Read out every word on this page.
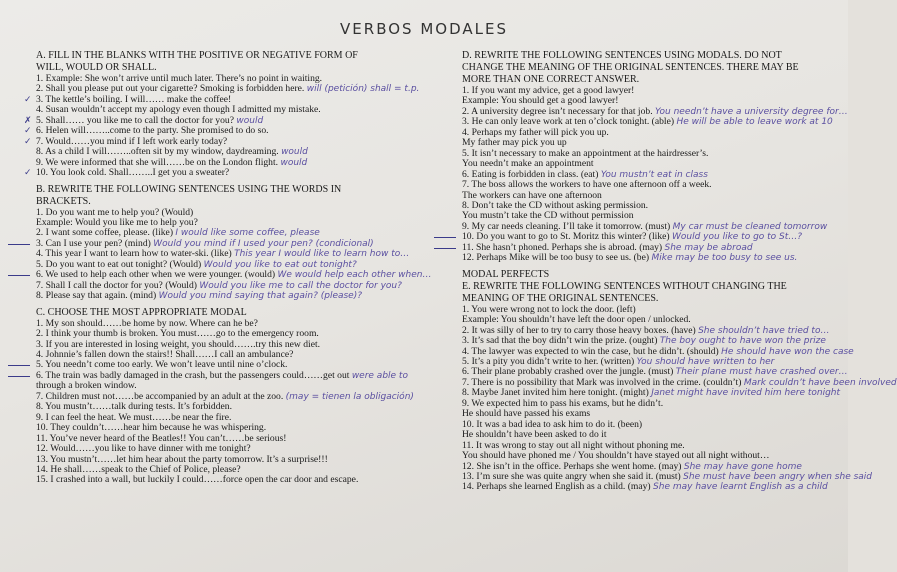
VERBOS MODALES
A. FILL IN THE BLANKS WITH THE POSITIVE OR NEGATIVE FORM OF
WILL, WOULD OR SHALL.
1. Example: She won’t arrive until much later. There’s no point in waiting.
2. Shall you please put out your cigarette? Smoking is forbidden here. will (petición) shall = t.p.
3. The kettle’s boiling. I will…… make the coffee!
✓
4. Susan wouldn’t accept my apology even though I admitted my mistake.
5. Shall…… you like me to call the doctor for you? would
✗
6. Helen will……..come to the party. She promised to do so.
✓
7. Would……you mind if I left work early today?
✓
8. As a child I will……..often sit by my window, daydreaming. would
9. We were informed that she will……be on the London flight. would
10. You look cold. Shall……..I get you a sweater?
✓
B. REWRITE THE FOLLOWING SENTENCES USING THE WORDS IN
BRACKETS.
1. Do you want me to help you? (Would)
Example: Would you like me to help you?
2. I want some coffee, please. (like) I would like some coffee, please
3. Can I use your pen? (mind) Would you mind if I used your pen? (condicional)
4. This year I want to learn how to water-ski. (like) This year I would like to learn how to…
5. Do you want to eat out tonight? (Would) Would you like to eat out tonight?
6. We used to help each other when we were younger. (would) We would help each other when…
7. Shall I call the doctor for you? (Would) Would you like me to call the doctor for you?
8. Please say that again. (mind) Would you mind saying that again? (please)?
C. CHOOSE THE MOST APPROPRIATE MODAL
1. My son should……be home by now. Where can he be?
2. I think your thumb is broken. You must……go to the emergency room.
3. If you are interested in losing weight, you should…….try this new diet.
4. Johnnie’s fallen down the stairs!! Shall……I call an ambulance?
5. You needn’t come too early. We won’t leave until nine o’clock.
6. The train was badly damaged in the crash, but the passengers could……get out were able to
through a broken window.
7. Children must not……be accompanied by an adult at the zoo. (may = tienen la obligación)
8. You mustn’t……talk during tests. It’s forbidden.
9. I can feel the heat. We must……be near the fire.
10. They couldn’t……hear him because he was whispering.
11. You’ve never heard of the Beatles!! You can’t……be serious!
12. Would……you like to have dinner with me tonight?
13. You mustn’t……let him hear about the party tomorrow. It’s a surprise!!!
14. He shall……speak to the Chief of Police, please?
15. I crashed into a wall, but luckily I could……force open the car door and escape.
D. REWRITE THE FOLLOWING SENTENCES USING MODALS. DO NOT
CHANGE THE MEANING OF THE ORIGINAL SENTENCES. THERE MAY BE
MORE THAN ONE CORRECT ANSWER.
1. If you want my advice, get a good lawyer!
Example: You should get a good lawyer!
2. A university degree isn’t necessary for that job. You needn’t have a university degree for…
3. He can only leave work at ten o’clock tonight. (able) He will be able to leave work at 10
4. Perhaps my father will pick you up.
My father may pick you up
5. It isn’t necessary to make an appointment at the hairdresser’s.
You needn’t make an appointment
6. Eating is forbidden in class. (eat) You mustn’t eat in class
7. The boss allows the workers to have one afternoon off a week.
The workers can have one afternoon
8. Don’t take the CD without asking permission.
You mustn’t take the CD without permission
9. My car needs cleaning. I’ll take it tomorrow. (must) My car must be cleaned tomorrow
10. Do you want to go to St. Moritz this winter? (like) Would you like to go to St…?
11. She hasn’t phoned. Perhaps she is abroad. (may) She may be abroad
12. Perhaps Mike will be too busy to see us. (be) Mike may be too busy to see us.
MODAL PERFECTS
E. REWRITE THE FOLLOWING SENTENCES WITHOUT CHANGING THE
MEANING OF THE ORIGINAL SENTENCES.
1. You were wrong not to lock the door. (left)
Example: You shouldn’t have left the door open / unlocked.
2. It was silly of her to try to carry those heavy boxes. (have) She shouldn’t have tried to…
3. It’s sad that the boy didn’t win the prize. (ought) The boy ought to have won the prize
4. The lawyer was expected to win the case, but he didn’t. (should) He should have won the case
5. It’s a pity you didn’t write to her. (written) You should have written to her
6. Their plane probably crashed over the jungle. (must) Their plane must have crashed over…
7. There is no possibility that Mark was involved in the crime. (couldn’t) Mark couldn’t have been involved
8. Maybe Janet invited him here tonight. (might) Janet might have invited him here tonight
9. We expected him to pass his exams, but he didn’t.
He should have passed his exams
10. It was a bad idea to ask him to do it. (been)
He shouldn’t have been asked to do it
11. It was wrong to stay out all night without phoning me.
You should have phoned me / You shouldn’t have stayed out all night without…
12. She isn’t in the office. Perhaps she went home. (may) She may have gone home
13. I’m sure she was quite angry when she said it. (must) She must have been angry when she said
14. Perhaps she learned English as a child. (may) She may have learnt English as a child
